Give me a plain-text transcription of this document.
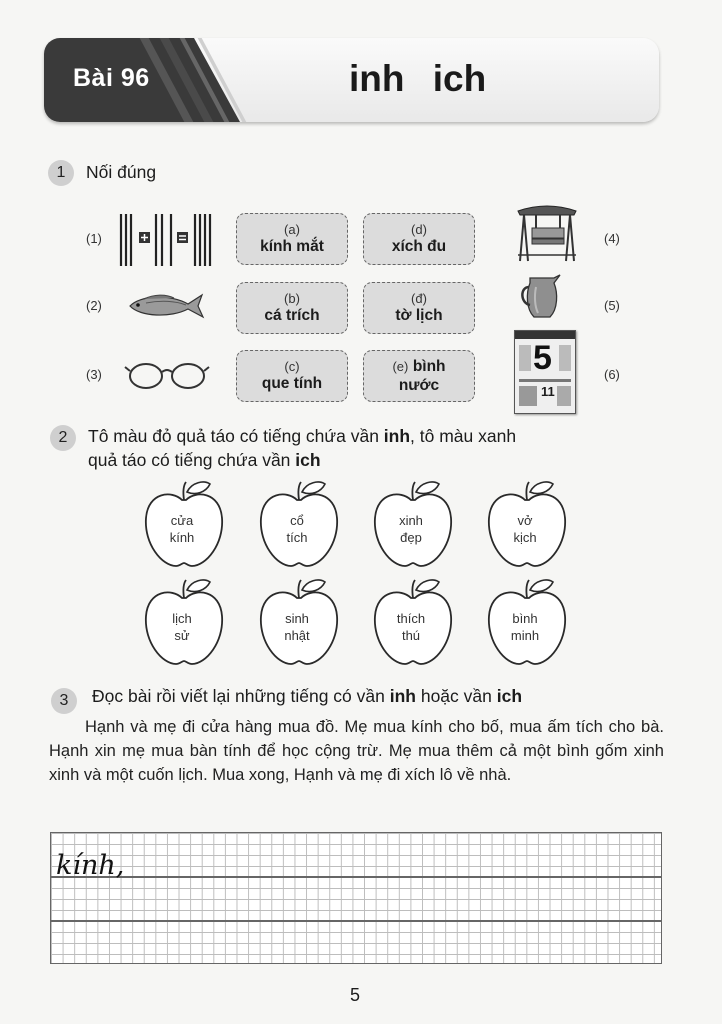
Bài 96	inh ich
1	Nối đúng
(1)
(2)
(3)
(4)
(5)
(6)
(a)
kính mắt
(d)
xích đu
(b)
cá trích
(đ)
tờ lịch
(c)
que tính
(e) bình
nước
5
11
2	Tô màu đỏ quả táo có tiếng chứa vần inh, tô màu xanh
quả táo có tiếng chứa vần ich
cửa
kính
cổ
tích
xinh
đẹp
vở
kịch
lịch
sử
sinh
nhật
thích
thú
bình
minh
3	Đọc bài rồi viết lại những tiếng có vần inh hoặc vần ich
Hạnh và mẹ đi cửa hàng mua đồ. Mẹ mua kính cho bố, mua ấm tích cho bà. Hạnh xin mẹ mua bàn tính để học cộng trừ. Mẹ mua thêm cả một bình gốm xinh xinh và một cuốn lịch. Mua xong, Hạnh và mẹ đi xích lô về nhà.
kính,
5
